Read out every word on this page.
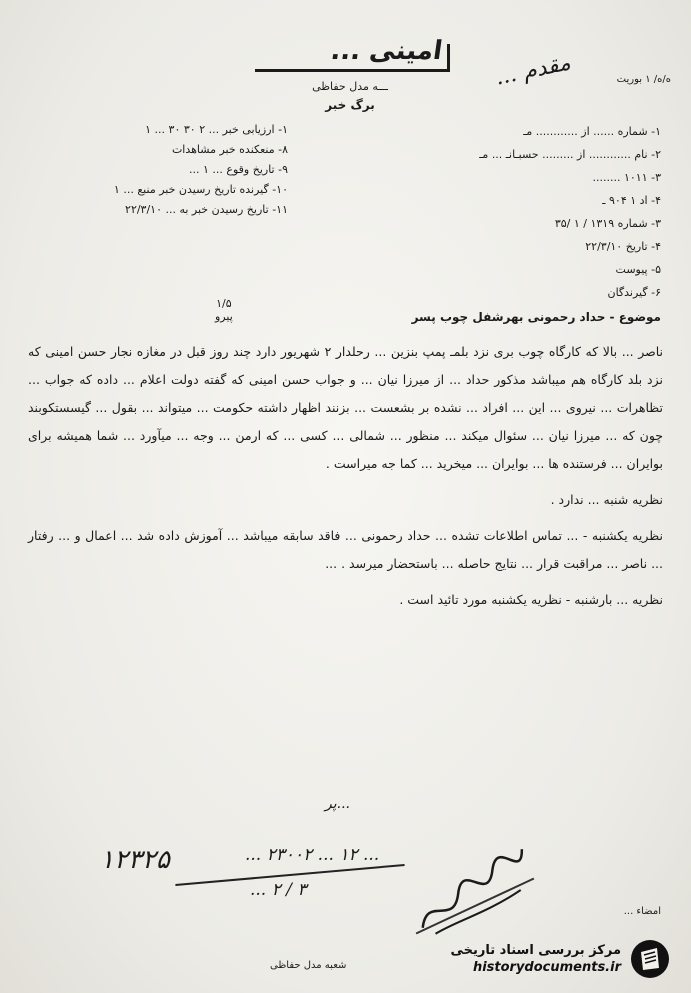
امینی ...
ـــه مدل حفاظی
برگ خبر
ه/ه/ ۱ بوریت
مقدم ...
۱- شماره ...... از ............ مـ
۲- نام ............ از ......... حسبـانـ ... مـ
۳- ۱۰۱۱ ........
۴- اد ۱ ۹۰۴ ـ
۳- شماره ۱۳۱۹ / ۱ /۳۵
۴- تاریخ ۲۲/۳/۱۰
۵- پیوست
۶- گیرندگان
۱- ارزیابی خبر ... ۲ ۳۰ ۳۰ ... ۱
۸- منعکنده خبر مشاهدات
۹- تاریخ وقوع ... ۱ ...
۱۰- گیرنده تاریخ رسیدن خبر منبع ... ۱
۱۱- تاریخ رسیدن خبر به ... ۲۲/۳/۱۰
۱/۵
پیرو	موضوع - حداد رحمونی بهرشفل چوب پسر

ناصر ... بالا که کارگاه چوب بری نزد بلمـ پمپ بنزین ... رحلدار ۲ شهریور دارد چند روز قبل در مغازه نجار حسن امینی که نزد بلد کارگاه هم میباشد مذکور حداد ... از میرزا نیان ... و جواب حسن امینی که گفته دولت اعلام ... داده که جواب ... تظاهرات ... نیروی ... این ... افراد ... نشده بر بشعست ... بزنند اظهار داشته حکومت ... میتواند ... بقول ... گیسستکوبند چون که ... میرزا نیان ... سئوال میکند ... منظور ... شمالی ... کسی ... که ارمن ... وجه ... میآورد ... شما همیشه برای بوایران ... فرستنده ها ... بوایران ... میخرید ... کما جه میراست .

نظریه شنبه ... ندارد .

نظریه یکشنبه - ... تماس اطلاعات تشده ... حداد رحمونی ... فاقد سابقه میباشد ... آموزش داده شد ... اعمال و ... رفتار ... ناصر ... مراقبت قرار ... نتایج حاصله ... باستحضار میرسد . ...

نظریه ... بارشنبه - نظریه یکشنبه مورد تائید است .

...پر
۱۲۳۲۵	... ۱۲ ... ۲۳۰۰۲ ...
۳ / ۲ ...
امضاء ...
شعبه مدل حفاظی
مرکز بررسی اسناد تاریخی
historydocuments.ir
